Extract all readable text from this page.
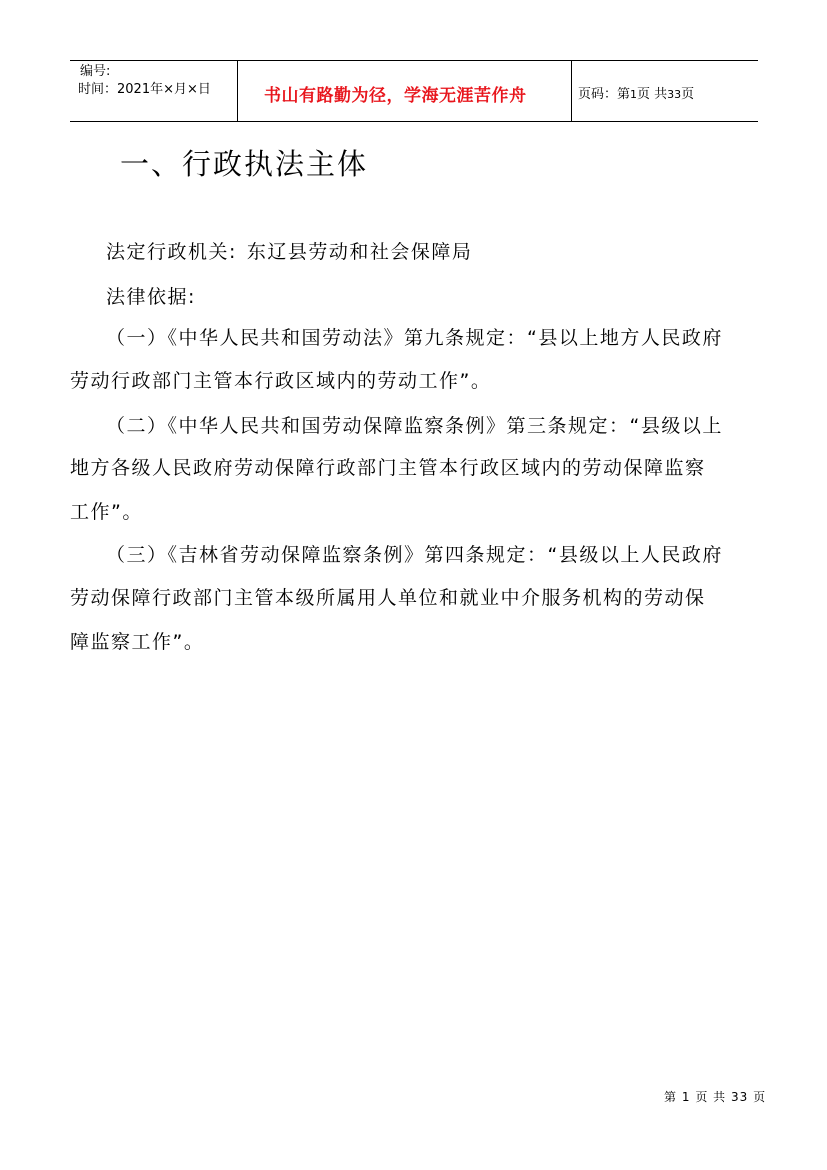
编号:
时间：2021年×月×日	书山有路勤为径，学海无涯苦作舟	页码：第1页 共33页
一、行政执法主体
法定行政机关: 东辽县劳动和社会保障局
法律依据:
（一）《中华人民共和国劳动法》第九条规定：“县以上地方人民政府
劳动行政部门主管本行政区域内的劳动工作”。
（二）《中华人民共和国劳动保障监察条例》第三条规定：“县级以上
地方各级人民政府劳动保障行政部门主管本行政区域内的劳动保障监察
工作”。
（三）《吉林省劳动保障监察条例》第四条规定：“县级以上人民政府
劳动保障行政部门主管本级所属用人单位和就业中介服务机构的劳动保
障监察工作”。
第 1 页 共 33 页
